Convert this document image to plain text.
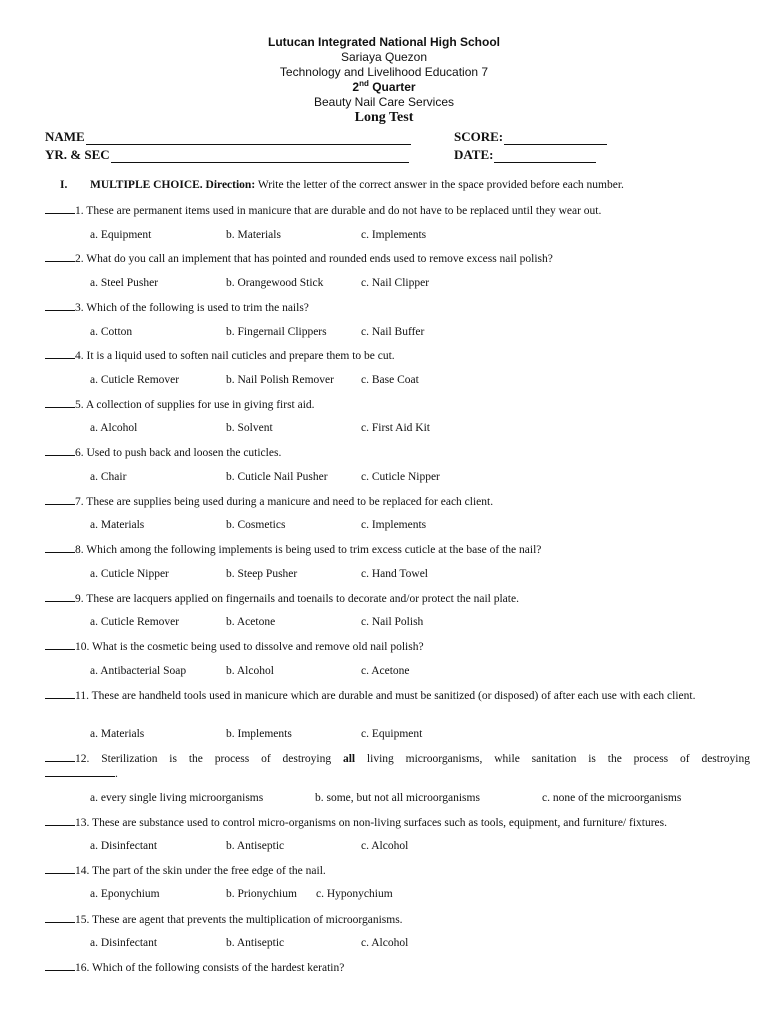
Lutucan Integrated National High School
Sariaya Quezon
Technology and Livelihood Education 7
2nd Quarter
Beauty Nail Care Services
Long Test
NAME	SCORE:
YR. & SEC	DATE:
I. MULTIPLE CHOICE. Direction: Write the letter of the correct answer in the space provided before each number.
1. These are permanent items used in manicure that are durable and do not have to be replaced until they wear out.
a. Equipment	b. Materials	c. Implements
2. What do you call an implement that has pointed and rounded ends used to remove excess nail polish?
a. Steel Pusher	b. Orangewood Stick	c. Nail Clipper
3. Which of the following is used to trim the nails?
a. Cotton	b. Fingernail Clippers	c. Nail Buffer
4. It is a liquid used to soften nail cuticles and prepare them to be cut.
a. Cuticle Remover	b. Nail Polish Remover c. Base Coat
5. A collection of supplies for use in giving first aid.
a. Alcohol	b. Solvent	c. First Aid Kit
6. Used to push back and loosen the cuticles.
a. Chair	b. Cuticle Nail Pusher	c. Cuticle Nipper
7. These are supplies being used during a manicure and need to be replaced for each client.
a. Materials	b. Cosmetics	c. Implements
8. Which among the following implements is being used to trim excess cuticle at the base of the nail?
a. Cuticle Nipper	b. Steep Pusher	c. Hand Towel
9. These are lacquers applied on fingernails and toenails to decorate and/or protect the nail plate.
a. Cuticle Remover	b. Acetone	c. Nail Polish
10. What is the cosmetic being used to dissolve and remove old nail polish?
a. Antibacterial Soap	b. Alcohol	c. Acetone
11. These are handheld tools used in manicure which are durable and must be sanitized (or disposed) of after each use with each client.
a. Materials	b. Implements	c. Equipment
12. Sterilization is the process of destroying all living microorganisms, while sanitation is the process of destroying
.
a. every single living microorganisms	b. some, but not all microorganisms	c. none of the microorganisms
13. These are substance used to control micro-organisms on non-living surfaces such as tools, equipment, and furniture/ fixtures.
a. Disinfectant	b. Antiseptic	c. Alcohol
14. The part of the skin under the free edge of the nail.
a. Eponychium	b. Prionychium c. Hyponychium
15. These are agent that prevents the multiplication of microorganisms.
a. Disinfectant	b. Antiseptic	c. Alcohol
16. Which of the following consists of the hardest keratin?
